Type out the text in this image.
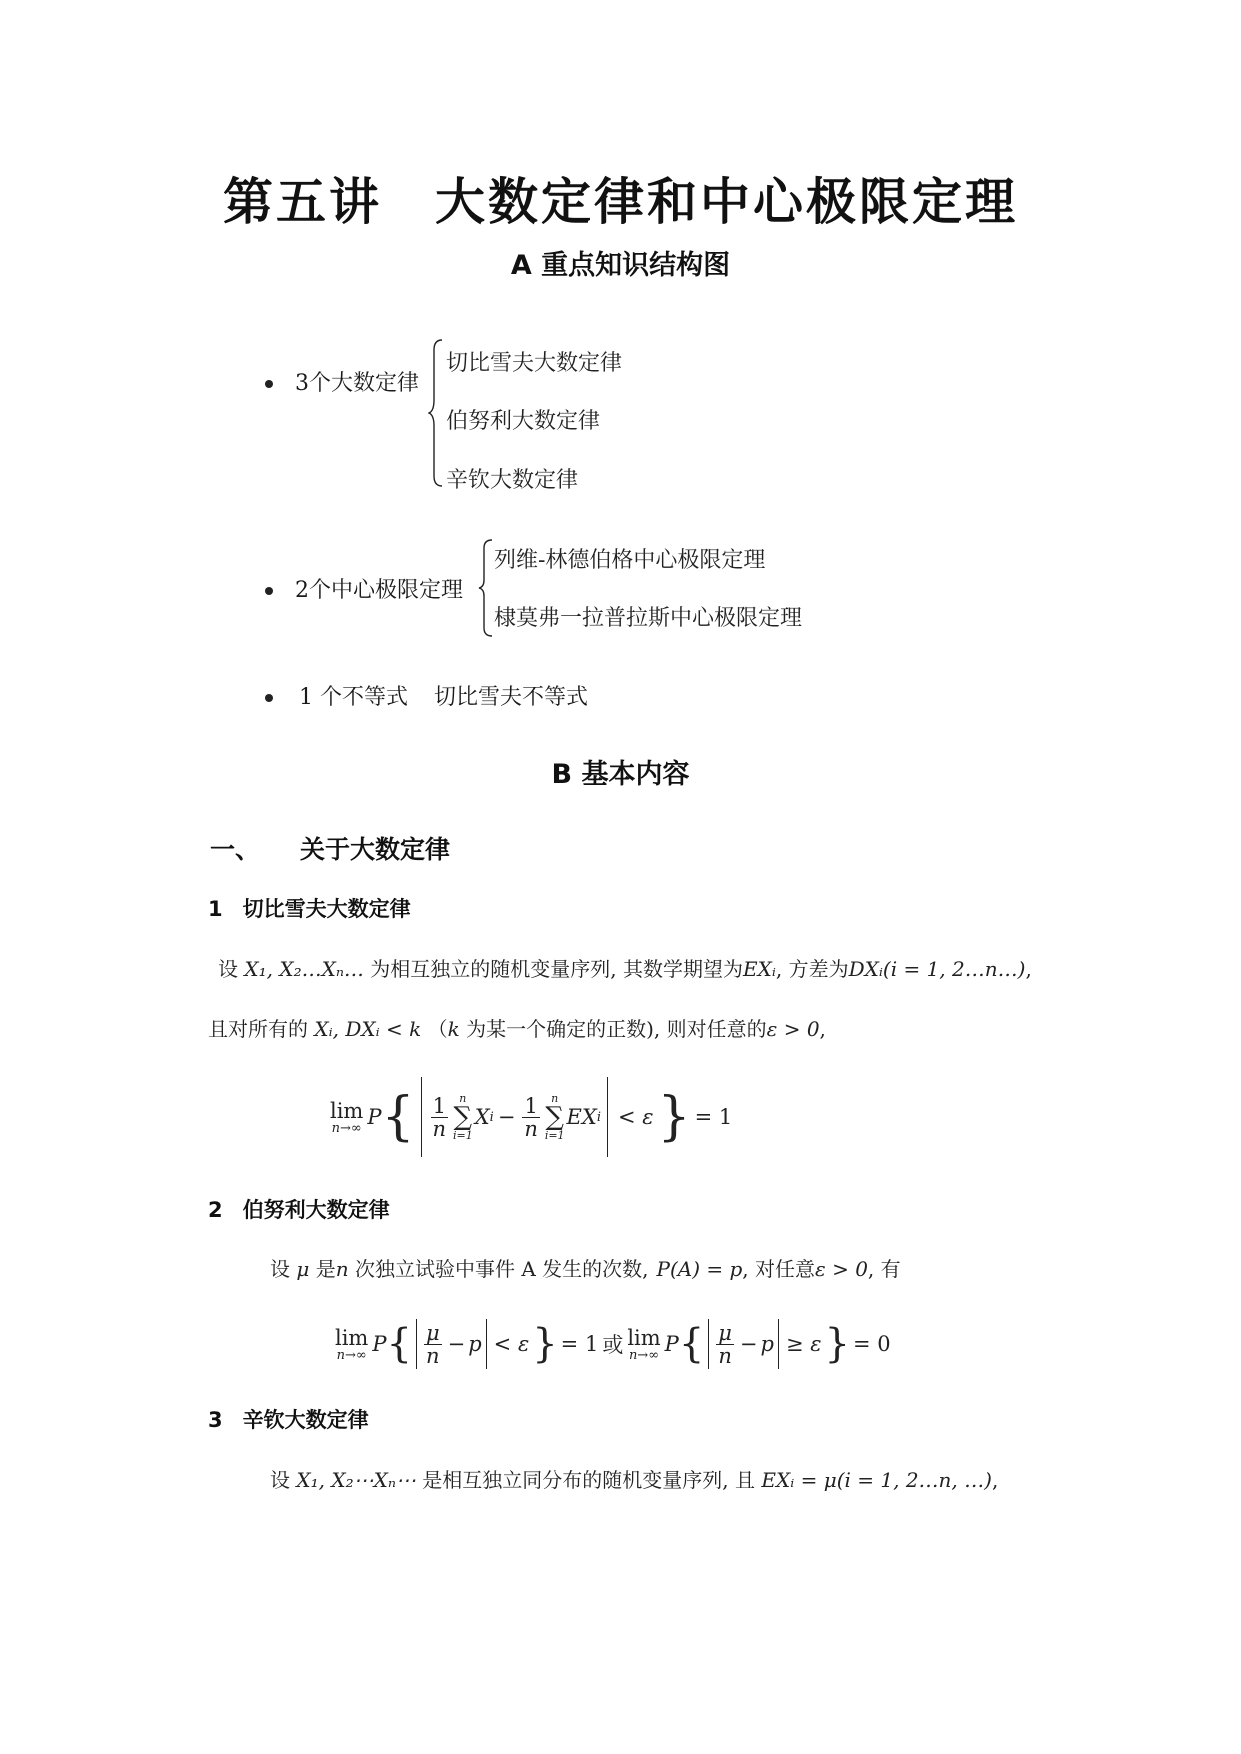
第五讲　大数定律和中心极限定理
A 重点知识结构图
3个大数定律
切比雪夫大数定律
伯努利大数定律
辛钦大数定律
2个中心极限定理
列维-林德伯格中心极限定理
棣莫弗一拉普拉斯中心极限定理
1 个不等式 切比雪夫不等式
B 基本内容
一、 关于大数定律
1 切比雪夫大数定律
设 X₁, X₂…Xₙ… 为相互独立的随机变量序列, 其数学期望为EXᵢ, 方差为DXᵢ(i = 1, 2…n…),
且对所有的 Xᵢ, DXᵢ < k （k 为某一个确定的正数), 则对任意的ε > 0,
lim
n→∞ P { $\frac{1}{n}$ n
∑
i=1
X $i - \frac{1}{n}$ n
∑
i=1
EX i < ε } = 1
2 伯努利大数定律
设 μ 是n 次独立试验中事件 A 发生的次数, P(A) = p, 对任意ε > 0, 有
lim
n→∞ P { $\frac{\mu}{n} - p < \varepsilon$ } = 1 或 lim
n→∞ P { $\frac{\mu}{n} - p \ge \varepsilon$ } = 0
3 辛钦大数定律
设 X₁, X₂⋯Xₙ⋯ 是相互独立同分布的随机变量序列, 且 EXᵢ = μ(i = 1, 2…n, …),
